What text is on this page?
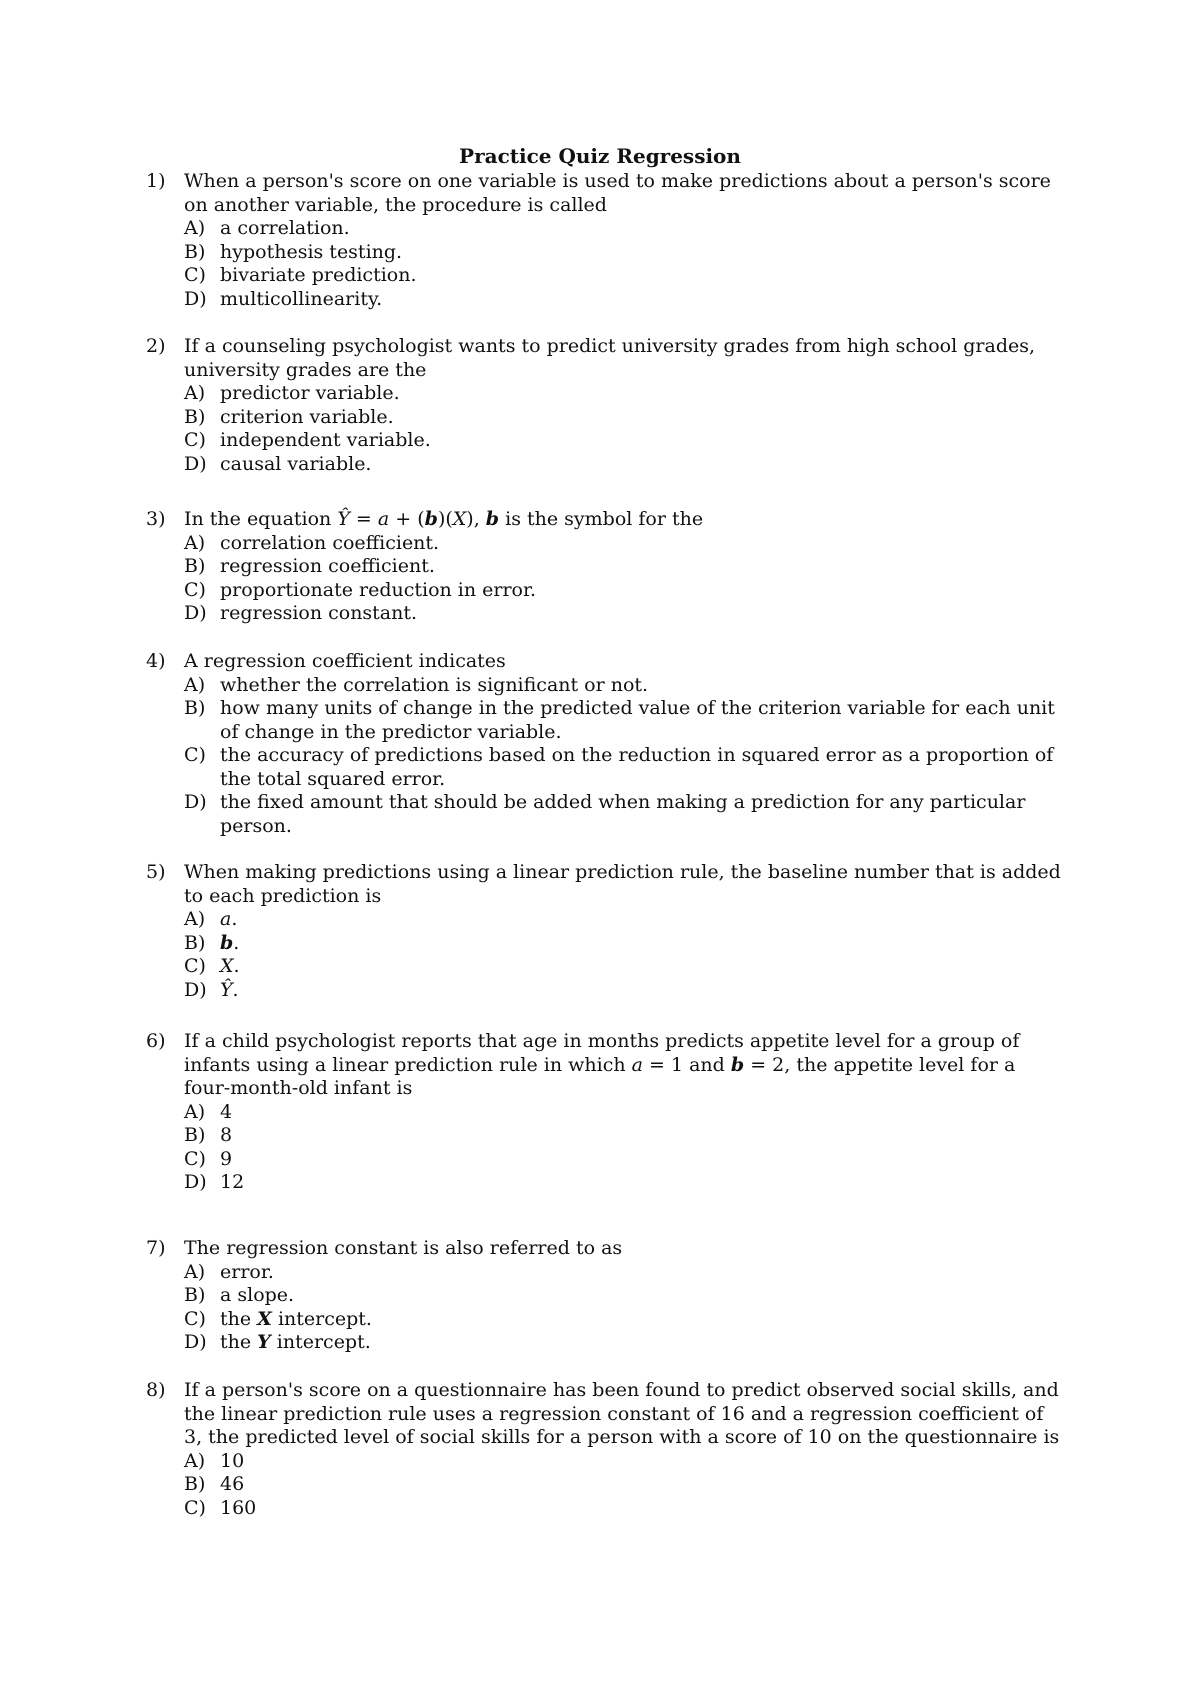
Practice Quiz Regression
1) When a person's score on one variable is used to make predictions about a person's score on another variable, the procedure is called
A) a correlation.
B) hypothesis testing.
C) bivariate prediction.
D) multicollinearity.
2) If a counseling psychologist wants to predict university grades from high school grades, university grades are the
A) predictor variable.
B) criterion variable.
C) independent variable.
D) causal variable.
3) In the equation Ŷ = a + (b)(X), b is the symbol for the
A) correlation coefficient.
B) regression coefficient.
C) proportionate reduction in error.
D) regression constant.
4) A regression coefficient indicates
A) whether the correlation is significant or not.
B) how many units of change in the predicted value of the criterion variable for each unit of change in the predictor variable.
C) the accuracy of predictions based on the reduction in squared error as a proportion of the total squared error.
D) the fixed amount that should be added when making a prediction for any particular person.
5) When making predictions using a linear prediction rule, the baseline number that is added to each prediction is
A) a.
B) b.
C) X.
D) Ŷ.
6) If a child psychologist reports that age in months predicts appetite level for a group of infants using a linear prediction rule in which a = 1 and b = 2, the appetite level for a four-month-old infant is
A) 4
B) 8
C) 9
D) 12
7) The regression constant is also referred to as
A) error.
B) a slope.
C) the X intercept.
D) the Y intercept.
8) If a person's score on a questionnaire has been found to predict observed social skills, and the linear prediction rule uses a regression constant of 16 and a regression coefficient of 3, the predicted level of social skills for a person with a score of 10 on the questionnaire is
A) 10
B) 46
C) 160
